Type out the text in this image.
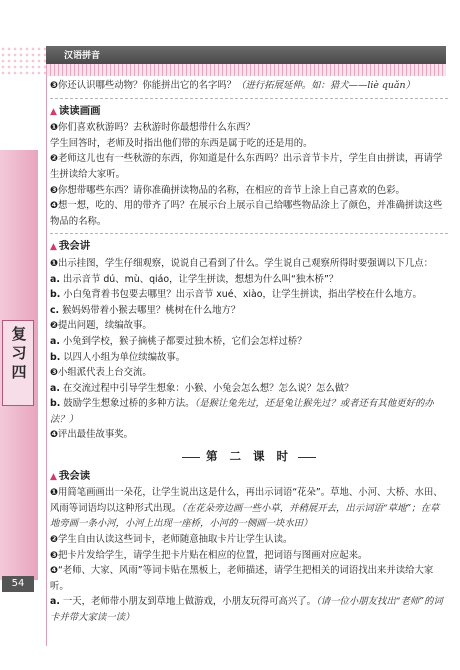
汉语拼音
复习四
54
❸你还认识哪些动物？你能拼出它的名字吗？（进行拓展延伸。如：猎犬——liè quǎn）
▲ 读读画画
❶你们喜欢秋游吗？去秋游时你最想带什么东西？
学生回答时，老师及时指出他们带的东西是属于吃的还是用的。
❷老师这儿也有一些秋游的东西，你知道是什么东西吗？出示音节卡片，学生自由拼读，再请学生拼读给大家听。
❸你想带哪些东西？请你准确拼读物品的名称，在相应的音节上涂上自己喜欢的色彩。
❹想一想，吃的、用的带齐了吗？在展示台上展示自己给哪些物品涂上了颜色，并准确拼读这些物品的名称。
▲ 我会讲
❶出示挂图，学生仔细观察，说说自己看到了什么。学生说自己观察所得时要强调以下几点：
a. 出示音节 dú、mù、qiáo，让学生拼读，想想为什么叫“独木桥”？
b. 小白兔背着书包要去哪里？出示音节 xué、xiào，让学生拼读，指出学校在什么地方。
c. 猴妈妈带着小猴去哪里？桃树在什么地方？
❷提出问题，续编故事。
a. 小兔到学校，猴子摘桃子都要过独木桥，它们会怎样过桥？
b. 以四人小组为单位续编故事。
❸小组派代表上台交流。
a. 在交流过程中引导学生想象：小猴、小兔会怎么想？怎么说？怎么做？
b. 鼓励学生想象过桥的多种方法。（是猴让兔先过，还是兔让猴先过？或者还有其他更好的办法？）
❹评出最佳故事奖。
第 二 课 时
▲ 我会读
❶用简笔画画出一朵花，让学生说出这是什么，再出示词语“花朵”。草地、小河、大桥、水田、风雨等词语均以这种形式出现。（在花朵旁边画一些小草，并稍展开去，出示词语“草地”；在草地旁画一条小河，小河上出现一座桥，小河的一侧画一块水田）
❷学生自由认读这些词卡，老师随意抽取卡片让学生认读。
❸把卡片发给学生，请学生把卡片贴在相应的位置，把词语与图画对应起来。
❹“老师、大家、风雨”等词卡贴在黑板上，老师描述，请学生把相关的词语找出来并读给大家听。
a. 一天，老师带小朋友到草地上做游戏，小朋友玩得可高兴了。（请一位小朋友找出“老师”的词卡并带大家读一读）
